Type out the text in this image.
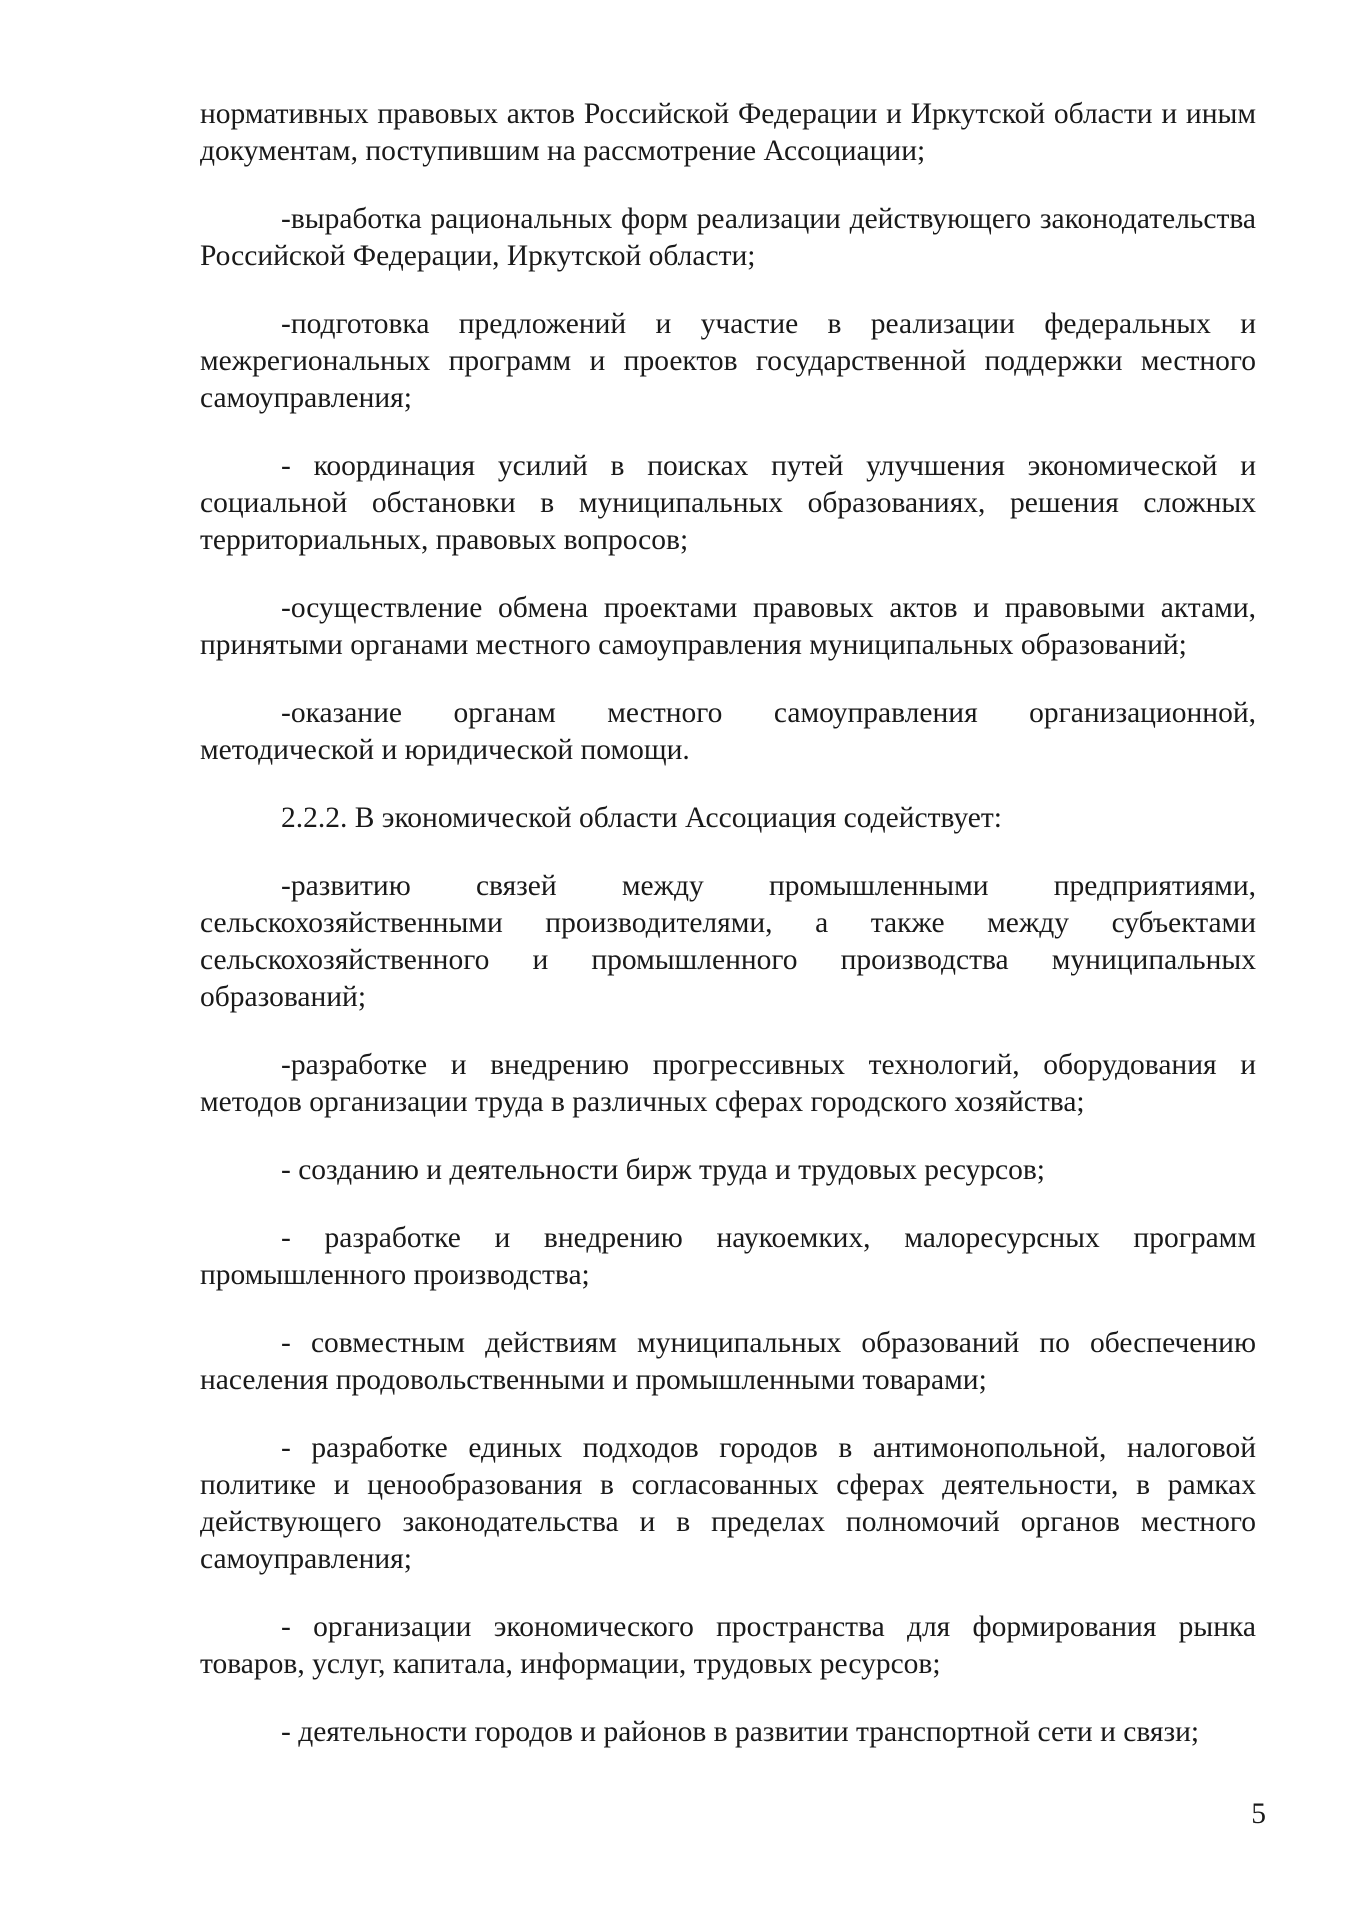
нормативных правовых актов Российской Федерации и Иркутской области и иным документам, поступившим на рассмотрение Ассоциации;

-выработка рациональных форм реализации действующего законодательства Российской Федерации, Иркутской области;

-подготовка предложений и участие в реализации федеральных и межрегиональных программ и проектов государственной поддержки местного самоуправления;

- координация усилий в поисках путей улучшения экономической и социальной обстановки в муниципальных образованиях, решения сложных территориальных, правовых вопросов;

-осуществление обмена проектами правовых актов и правовыми актами, принятыми органами местного самоуправления муниципальных образований;

-оказание органам местного самоуправления организационной, методической и юридической помощи.

2.2.2. В экономической области Ассоциация содействует:

-развитию связей между промышленными предприятиями, сельскохозяйственными производителями, а также между субъектами сельскохозяйственного и промышленного производства муниципальных образований;

-разработке и внедрению прогрессивных технологий, оборудования и методов организации труда в различных сферах городского хозяйства;

- созданию и деятельности бирж труда и трудовых ресурсов;

- разработке и внедрению наукоемких, малоресурсных программ промышленного производства;

- совместным действиям муниципальных образований по обеспечению населения продовольственными и промышленными товарами;

- разработке единых подходов городов в антимонопольной, налоговой политике и ценообразования в согласованных сферах деятельности, в рамках действующего законодательства и в пределах полномочий органов местного самоуправления;

- организации экономического пространства для формирования рынка товаров, услуг, капитала, информации, трудовых ресурсов;

- деятельности городов и районов в развитии транспортной сети и связи;

5
